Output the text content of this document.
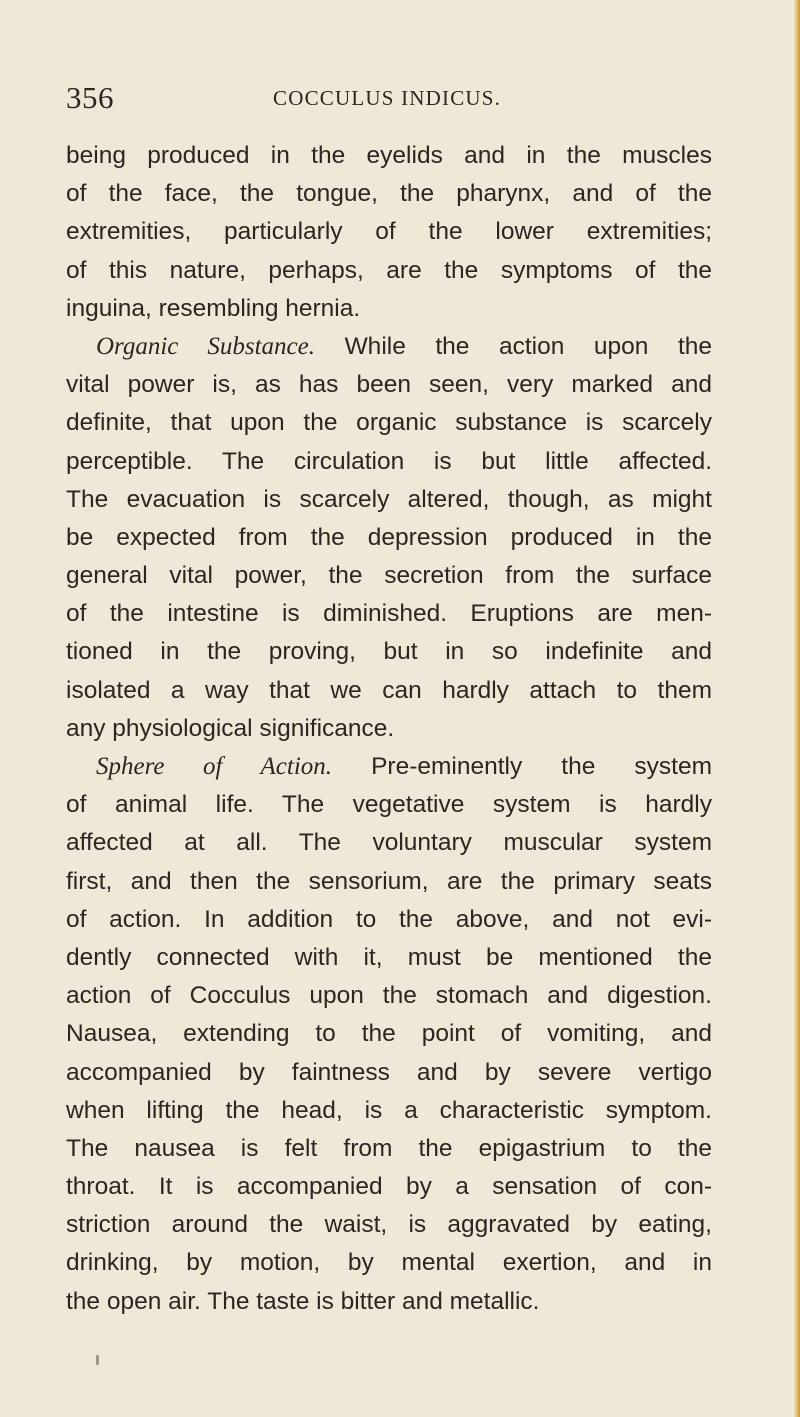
356	COCCULUS INDICUS.
being produced in the eyelids and in the muscles
of the face, the tongue, the pharynx, and of the
extremities, particularly of the lower extremities;
of this nature, perhaps, are the symptoms of the
inguina, resembling hernia.
Organic Substance. While the action upon the
vital power is, as has been seen, very marked and
definite, that upon the organic substance is scarcely
perceptible. The circulation is but little affected.
The evacuation is scarcely altered, though, as might
be expected from the depression produced in the
general vital power, the secretion from the surface
of the intestine is diminished. Eruptions are men-
tioned in the proving, but in so indefinite and
isolated a way that we can hardly attach to them
any physiological significance.
Sphere of Action. Pre-eminently the system
of animal life. The vegetative system is hardly
affected at all. The voluntary muscular system
first, and then the sensorium, are the primary seats
of action. In addition to the above, and not evi-
dently connected with it, must be mentioned the
action of Cocculus upon the stomach and digestion.
Nausea, extending to the point of vomiting, and
accompanied by faintness and by severe vertigo
when lifting the head, is a characteristic symptom.
The nausea is felt from the epigastrium to the
throat. It is accompanied by a sensation of con-
striction around the waist, is aggravated by eating,
drinking, by motion, by mental exertion, and in
the open air. The taste is bitter and metallic.
